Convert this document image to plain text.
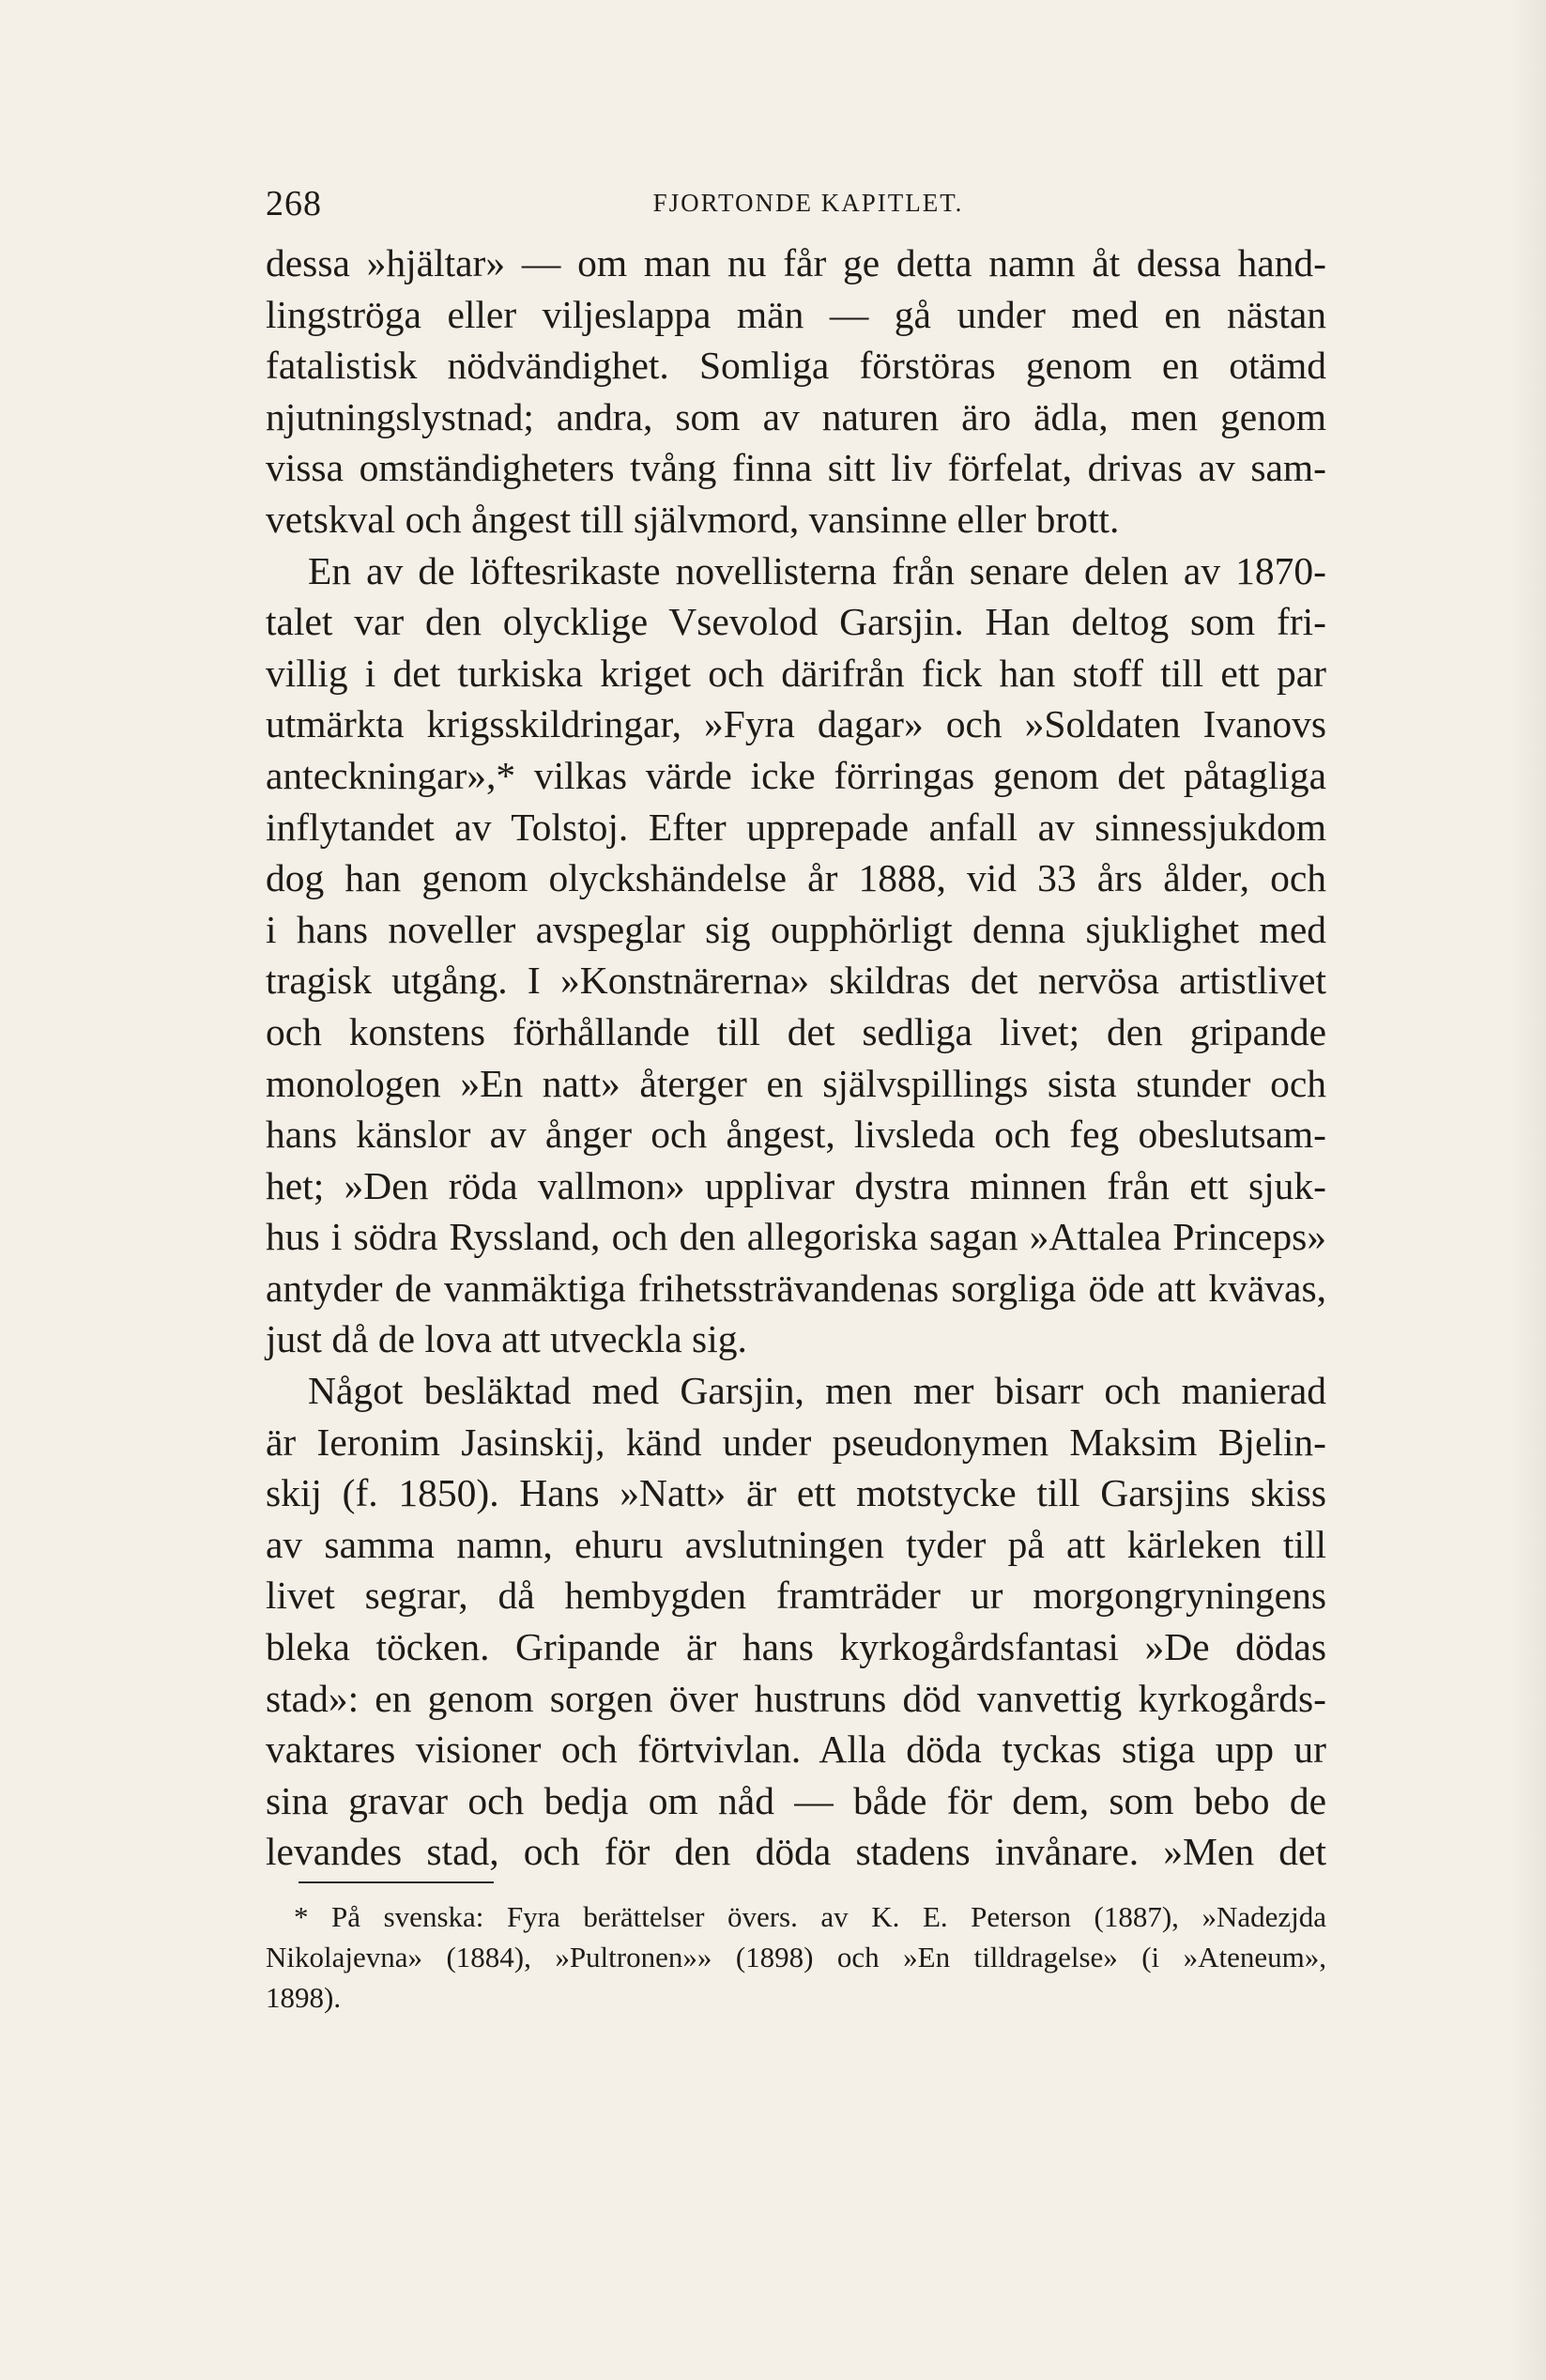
268	FJORTONDE KAPITLET.
dessa »hjältar» — om man nu får ge detta namn åt dessa hand-
lingströga eller viljeslappa män — gå under med en nästan
fatalistisk nödvändighet. Somliga förstöras genom en otämd
njutningslystnad; andra, som av naturen äro ädla, men genom
vissa omständigheters tvång finna sitt liv förfelat, drivas av sam-
vetskval och ångest till självmord, vansinne eller brott.
En av de löftesrikaste novellisterna från senare delen av 1870-
talet var den olycklige Vsevolod Garsjin. Han deltog som fri-
villig i det turkiska kriget och därifrån fick han stoff till ett par
utmärkta krigsskildringar, »Fyra dagar» och »Soldaten Ivanovs
anteckningar»,* vilkas värde icke förringas genom det påtagliga
inflytandet av Tolstoj. Efter upprepade anfall av sinnessjukdom
dog han genom olyckshändelse år 1888, vid 33 års ålder, och
i hans noveller avspeglar sig oupphörligt denna sjuklighet med
tragisk utgång. I »Konstnärerna» skildras det nervösa artistlivet
och konstens förhållande till det sedliga livet; den gripande
monologen »En natt» återger en självspillings sista stunder och
hans känslor av ånger och ångest, livsleda och feg obeslutsam-
het; »Den röda vallmon» upplivar dystra minnen från ett sjuk-
hus i södra Ryssland, och den allegoriska sagan »Attalea Princeps»
antyder de vanmäktiga frihetssträvandenas sorgliga öde att kvävas,
just då de lova att utveckla sig.
Något besläktad med Garsjin, men mer bisarr och manierad
är Ieronim Jasinskij, känd under pseudonymen Maksim Bjelin-
skij (f. 1850). Hans »Natt» är ett motstycke till Garsjins skiss
av samma namn, ehuru avslutningen tyder på att kärleken till
livet segrar, då hembygden framträder ur morgongryningens
bleka töcken. Gripande är hans kyrkogårdsfantasi »De dödas
stad»: en genom sorgen över hustruns död vanvettig kyrkogårds-
vaktares visioner och förtvivlan. Alla döda tyckas stiga upp ur
sina gravar och bedja om nåd — både för dem, som bebo de
levandes stad, och för den döda stadens invånare. »Men det
* På svenska: Fyra berättelser övers. av K. E. Peterson (1887), »Nadezjda
Nikolajevna» (1884), »Pultronen»» (1898) och »En tilldragelse» (i »Ateneum»,
1898).
